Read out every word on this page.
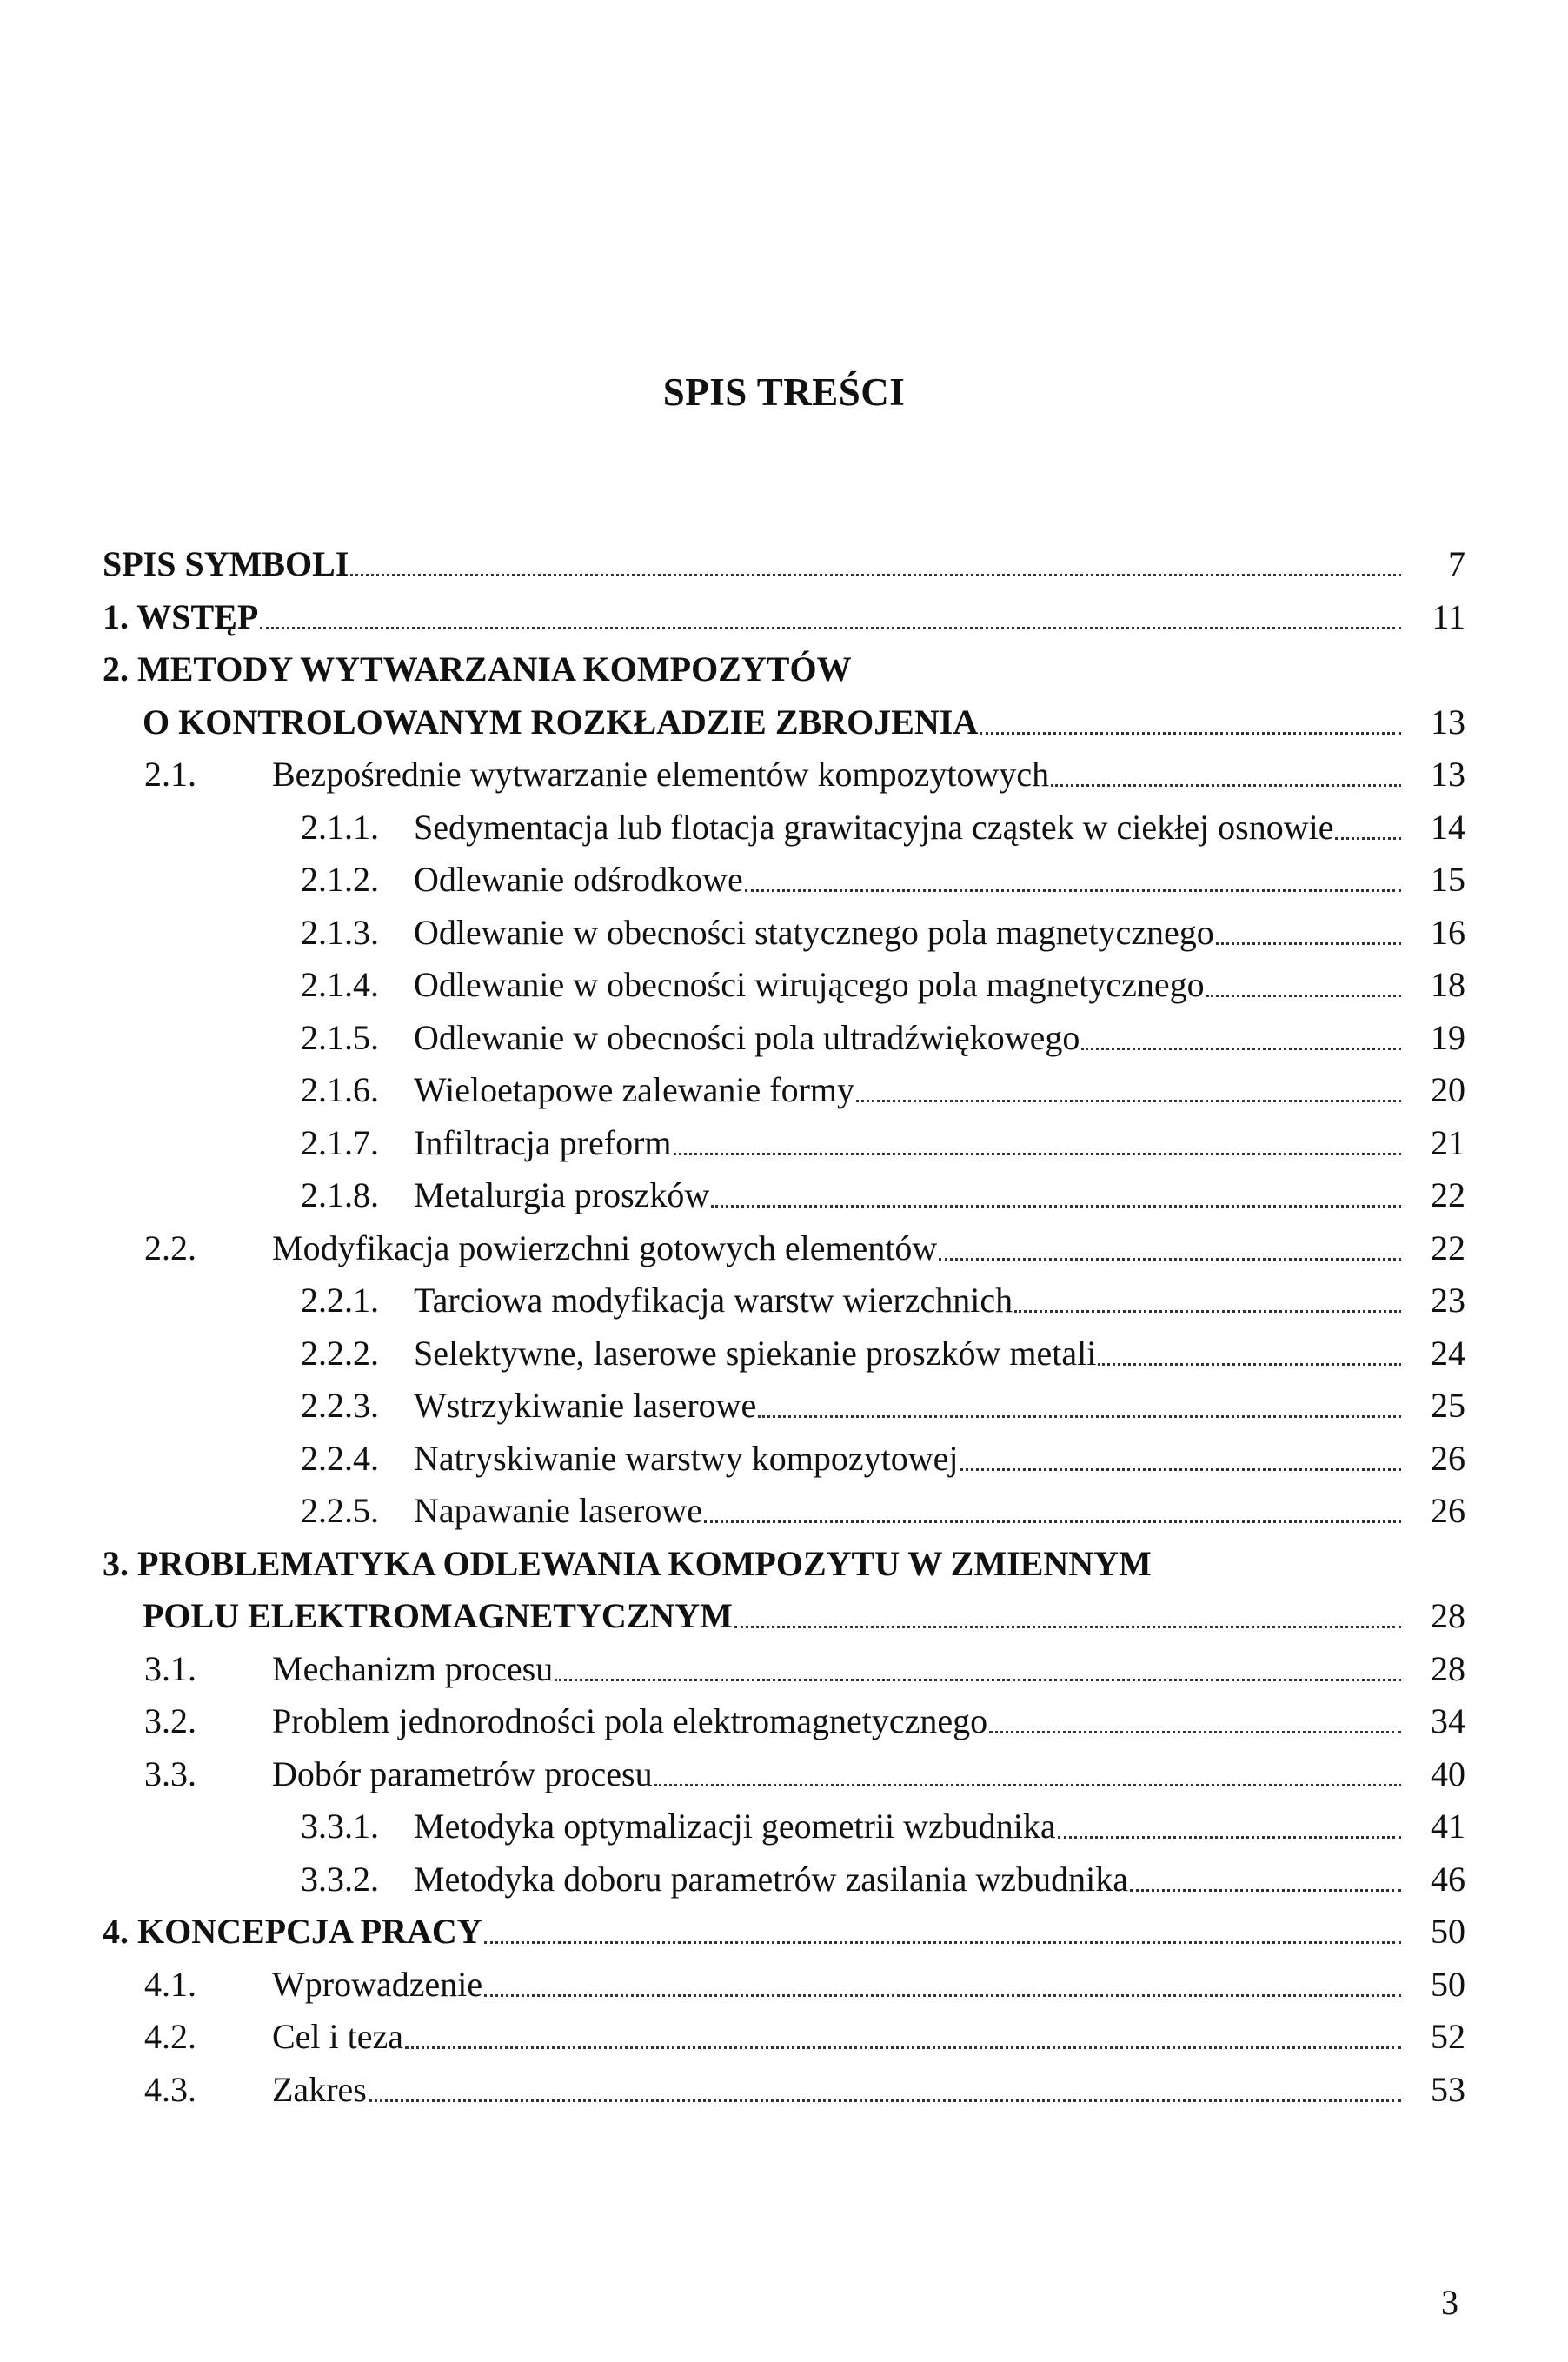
SPIS TREŚCI
SPIS SYMBOLI	7
1. WSTĘP	11
2. METODY WYTWARZANIA KOMPOZYTÓW
O KONTROLOWANYM ROZKŁADZIE ZBROJENIA	13
2.1.	Bezpośrednie wytwarzanie elementów kompozytowych	13
2.1.1.	Sedymentacja lub flotacja grawitacyjna cząstek w ciekłej osnowie	14
2.1.2.	Odlewanie odśrodkowe	15
2.1.3.	Odlewanie w obecności statycznego pola magnetycznego	16
2.1.4.	Odlewanie w obecności wirującego pola magnetycznego	18
2.1.5.	Odlewanie w obecności pola ultradźwiękowego	19
2.1.6.	Wieloetapowe zalewanie formy	20
2.1.7.	Infiltracja preform	21
2.1.8.	Metalurgia proszków	22
2.2.	Modyfikacja powierzchni gotowych elementów	22
2.2.1.	Tarciowa modyfikacja warstw wierzchnich	23
2.2.2.	Selektywne, laserowe spiekanie proszków metali	24
2.2.3.	Wstrzykiwanie laserowe	25
2.2.4.	Natryskiwanie warstwy kompozytowej	26
2.2.5.	Napawanie laserowe	26
3. PROBLEMATYKA ODLEWANIA KOMPOZYTU W ZMIENNYM
POLU ELEKTROMAGNETYCZNYM	28
3.1.	Mechanizm procesu	28
3.2.	Problem jednorodności pola elektromagnetycznego	34
3.3.	Dobór parametrów procesu	40
3.3.1.	Metodyka optymalizacji geometrii wzbudnika	41
3.3.2.	Metodyka doboru parametrów zasilania wzbudnika	46
4. KONCEPCJA PRACY	50
4.1.	Wprowadzenie	50
4.2.	Cel i teza	52
4.3.	Zakres	53
3
